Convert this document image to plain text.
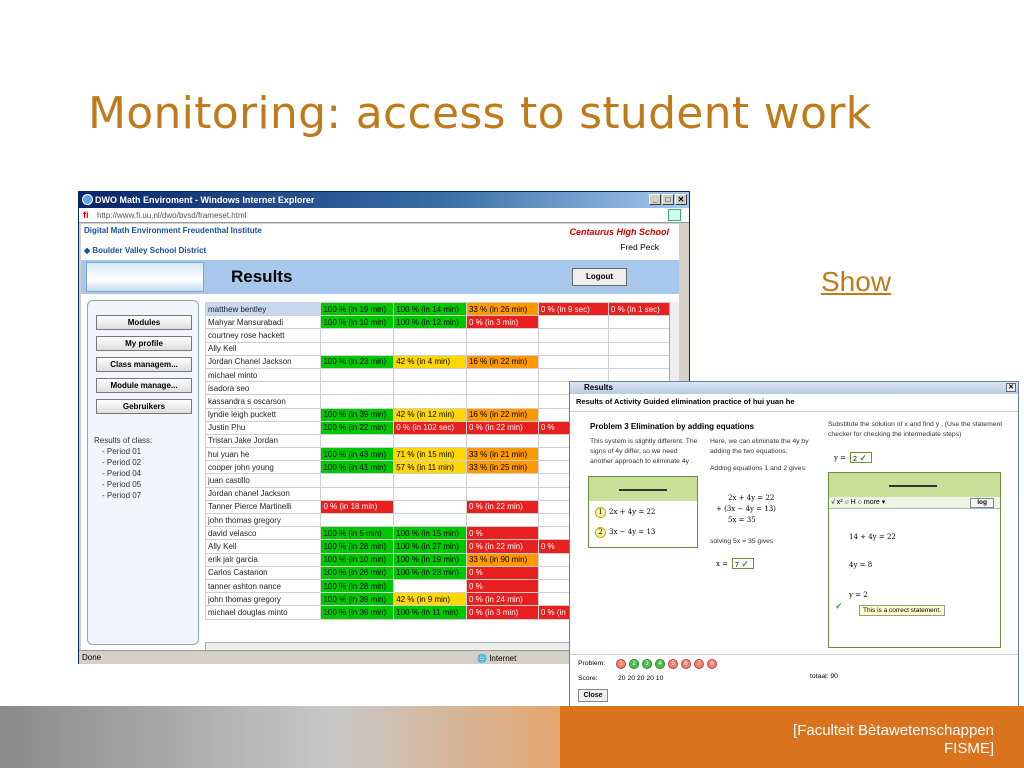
Monitoring: access to student work
Show
DWO Math Enviroment - Windows Internet Explorer	_	□ ✕
fi	http://www.fi.uu.nl/dwo/bvsd/frameset.html
Digital Math Environment Freudenthal Institute	Centaurus High School
Fred Peck
◆ Boulder Valley School District
Results	Logout
Modules
My profile
Class managem...
Module manage...
Gebruikers
Results of class:
- Period 01
- Period 02
- Period 04
- Period 05
- Period 07
matthew bentley	100 % (in 19 min)	100 % (in 14 min)	33 % (in 26 min)	0 % (in 9 sec)	0 % (in 1 sec)
Mahyar Mansurabadi	100 % (in 10 min)	100 % (in 12 min)	0 % (in 3 min)		
courtney rose hackett					
Ally Kell					
Jordan Chanel Jackson	100 % (in 23 min)	42 % (in 4 min)	16 % (in 22 min)		
michael minto					
isadora seo					
kassandra s oscarson					
lyndie leigh puckett	100 % (in 39 min)	42 % (in 12 min)	16 % (in 22 min)		
Justin Phu	100 % (in 22 min)	0 % (in 102 sec)	0 % (in 22 min)	0 %	
Tristan Jake Jordan					
hui yuan he	100 % (in 43 min)	71 % (in 15 min)	33 % (in 21 min)		
cooper john young	100 % (in 41 min)	57 % (in 11 min)	33 % (in 25 min)		
juan castillo					
Jordan chanel Jackson					
Tanner Pierce Martinelli	0 % (in 18 min)		0 % (in 22 min)		
john thomas gregory					
david velasco	100 % (in 5 min)	100 % (in 15 min)	0 %		
Ally Kell	100 % (in 28 min)	100 % (in 27 min)	0 % (in 22 min)	0 %	
erik jair garcia	100 % (in 10 min)	100 % (in 19 min)	33 % (in 90 min)		
Carlos Castanon	100 % (in 26 min)	100 % (in 23 min)	0 %		
tanner ashton nance	100 % (in 28 min)		0 %		
john thomas gregory	100 % (in 39 min)	42 % (in 9 min)	0 % (in 24 min)		
michael douglas minto	100 % (in 39 min)	100 % (in 11 min)	0 % (in 3 min)	0 % (in	
Done	🌐 Internet
Results	✕
Results of Activity Guided elimination practice of hui yuan he
Problem 3 Elimination by adding equations
This system is slightly different. The signs of 4y differ, so we need another approach to eliminate 4y .
1 2x + 4y = 22
2 3x − 4y = 13
Here, we can eliminate the 4y by adding the two equations.
Adding equations 1 and 2 gives:
2x + 4y = 22
+ (3x − 4y = 13)
5x = 35
solving 5x = 35 gives
x = 7 ✓
Substitute the solution of x and find y . (Use the statement checker for checking the intermediate steps)
y = 2 ✓
√ x² ○ H ○ more ▾	log
14 + 4y = 22
4y = 8
y = 2
✓	This is a correct statement.
Problem:	1 2 3 4 5 6 7 8
Score:	20 20 20 20 10	totaal: 90
Close
[Faculteit Bètawetenschappen
FISME]
